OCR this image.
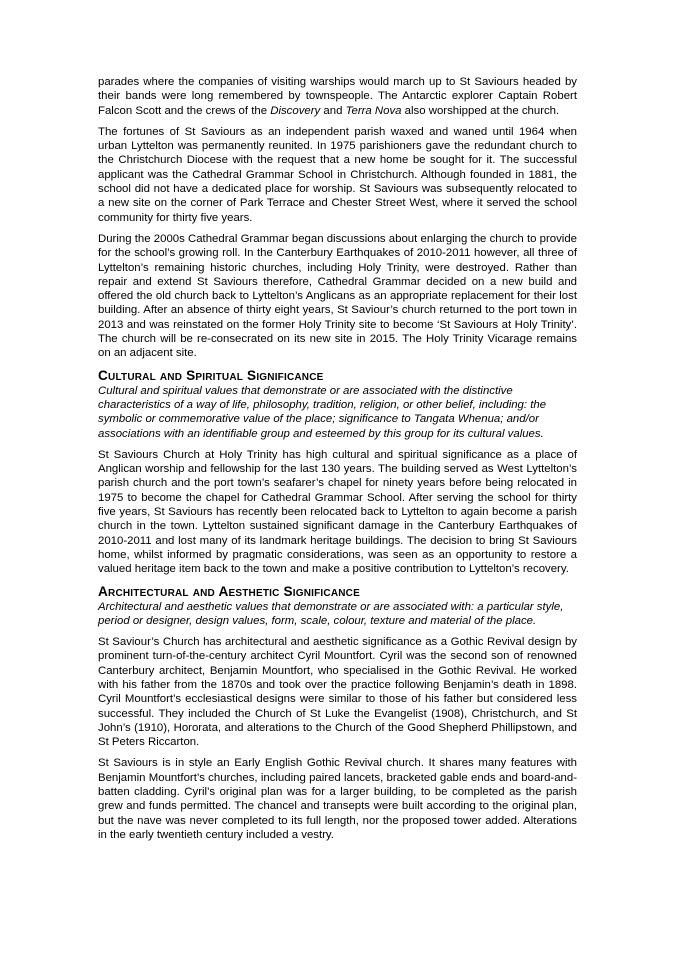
parades where the companies of visiting warships would march up to St Saviours headed by their bands were long remembered by townspeople. The Antarctic explorer Captain Robert Falcon Scott and the crews of the Discovery and Terra Nova also worshipped at the church.

The fortunes of St Saviours as an independent parish waxed and waned until 1964 when urban Lyttelton was permanently reunited. In 1975 parishioners gave the redundant church to the Christchurch Diocese with the request that a new home be sought for it. The successful applicant was the Cathedral Grammar School in Christchurch. Although founded in 1881, the school did not have a dedicated place for worship. St Saviours was subsequently relocated to a new site on the corner of Park Terrace and Chester Street West, where it served the school community for thirty five years.

During the 2000s Cathedral Grammar began discussions about enlarging the church to provide for the school’s growing roll. In the Canterbury Earthquakes of 2010-2011 however, all three of Lyttelton’s remaining historic churches, including Holy Trinity, were destroyed. Rather than repair and extend St Saviours therefore, Cathedral Grammar decided on a new build and offered the old church back to Lyttelton’s Anglicans as an appropriate replacement for their lost building. After an absence of thirty eight years, St Saviour’s church returned to the port town in 2013 and was reinstated on the former Holy Trinity site to become ‘St Saviours at Holy Trinity’. The church will be re-consecrated on its new site in 2015. The Holy Trinity Vicarage remains on an adjacent site.

Cultural and Spiritual Significance

Cultural and spiritual values that demonstrate or are associated with the distinctive characteristics of a way of life, philosophy, tradition, religion, or other belief, including: the symbolic or commemorative value of the place; significance to Tangata Whenua; and/or associations with an identifiable group and esteemed by this group for its cultural values.

St Saviours Church at Holy Trinity has high cultural and spiritual significance as a place of Anglican worship and fellowship for the last 130 years. The building served as West Lyttelton’s parish church and the port town’s seafarer’s chapel for ninety years before being relocated in 1975 to become the chapel for Cathedral Grammar School. After serving the school for thirty five years, St Saviours has recently been relocated back to Lyttelton to again become a parish church in the town. Lyttelton sustained significant damage in the Canterbury Earthquakes of 2010-2011 and lost many of its landmark heritage buildings. The decision to bring St Saviours home, whilst informed by pragmatic considerations, was seen as an opportunity to restore a valued heritage item back to the town and make a positive contribution to Lyttelton’s recovery.

Architectural and Aesthetic Significance

Architectural and aesthetic values that demonstrate or are associated with: a particular style, period or designer, design values, form, scale, colour, texture and material of the place.

St Saviour’s Church has architectural and aesthetic significance as a Gothic Revival design by prominent turn-of-the-century architect Cyril Mountfort. Cyril was the second son of renowned Canterbury architect, Benjamin Mountfort, who specialised in the Gothic Revival. He worked with his father from the 1870s and took over the practice following Benjamin’s death in 1898. Cyril Mountfort’s ecclesiastical designs were similar to those of his father but considered less successful. They included the Church of St Luke the Evangelist (1908), Christchurch, and St John’s (1910), Hororata, and alterations to the Church of the Good Shepherd Phillipstown, and St Peters Riccarton.

St Saviours is in style an Early English Gothic Revival church. It shares many features with Benjamin Mountfort’s churches, including paired lancets, bracketed gable ends and board-and-batten cladding. Cyril’s original plan was for a larger building, to be completed as the parish grew and funds permitted. The chancel and transepts were built according to the original plan, but the nave was never completed to its full length, nor the proposed tower added. Alterations in the early twentieth century included a vestry.
